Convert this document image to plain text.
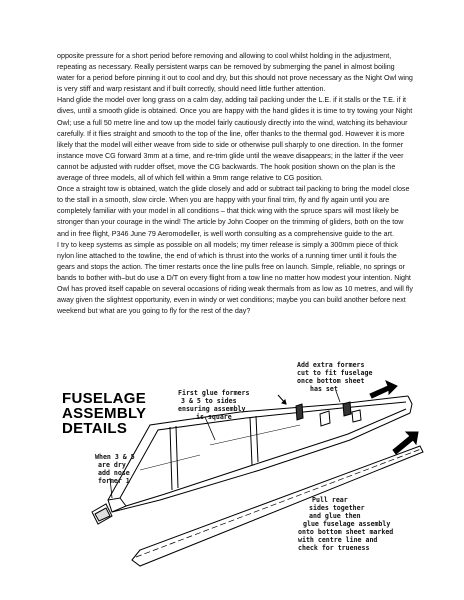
opposite pressure for a short period before removing and allowing to cool whilst holding in the adjustment, repeating as necessary. Really persistent warps can be removed by submerging the panel in almost boiling water for a period before pinning it out to cool and dry, but this should not prove necessary as the Night Owl wing is very stiff and warp resistant and if built correctly, should need little further attention.

Hand glide the model over long grass on a calm day, adding tail packing under the L.E. if it stalls or the T.E. if it dives, until a smooth glide is obtained. Once you are happy with the hand glides it is time to try towing your Night Owl; use a full 50 metre line and tow up the model fairly cautiously directly into the wind, watching its behaviour carefully. If it flies straight and smooth to the top of the line, offer thanks to the thermal god. However it is more likely that the model will either weave from side to side or otherwise pull sharply to one direction. In the former instance move CG forward 3mm at a time, and re-trim glide until the weave disappears; in the latter if the veer cannot be adjusted with rudder offset, move the CG backwards. The hook position shown on the plan is the average of three models, all of which fell within a 9mm range relative to CG position.

Once a straight tow is obtained, watch the glide closely and add or subtract tail packing to bring the model close to the stall in a smooth, slow circle. When you are happy with your final trim, fly and fly again until you are completely familiar with your model in all conditions – that thick wing with the spruce spars will most likely be stronger than your courage in the wind! The article by John Cooper on the trimming of gliders, both on the tow and in free flight, P346 June 79 Aeromodeller, is well worth consulting as a comprehensive guide to the art.

I try to keep systems as simple as possible on all models; my timer release is simply a 300mm piece of thick nylon line attached to the towline, the end of which is thrust into the works of a running timer until it fouls the gears and stops the action. The timer restarts once the line pulls free on launch. Simple, reliable, no springs or bands to bother with–but do use a D/T on every flight from a tow line no matter how modest your intention. Night Owl has proved itself capable on several occasions of riding weak thermals from as low as 10 metres, and will fly away given the slightest opportunity, even in windy or wet conditions; maybe you can build another before next weekend but what are you going to fly for the rest of the day?

FUSELAGE
ASSEMBLY
DETAILS
Add extra formers
cut to fit fuselage
once bottom sheet
has set
First glue formers
3 & 5 to sides
ensuring assembly
is square
When 3 & 5
are dry
add nose
former 1
Pull rear
sides together
and glue then
glue fuselage assembly
onto bottom sheet marked
with centre line and
check for trueness
